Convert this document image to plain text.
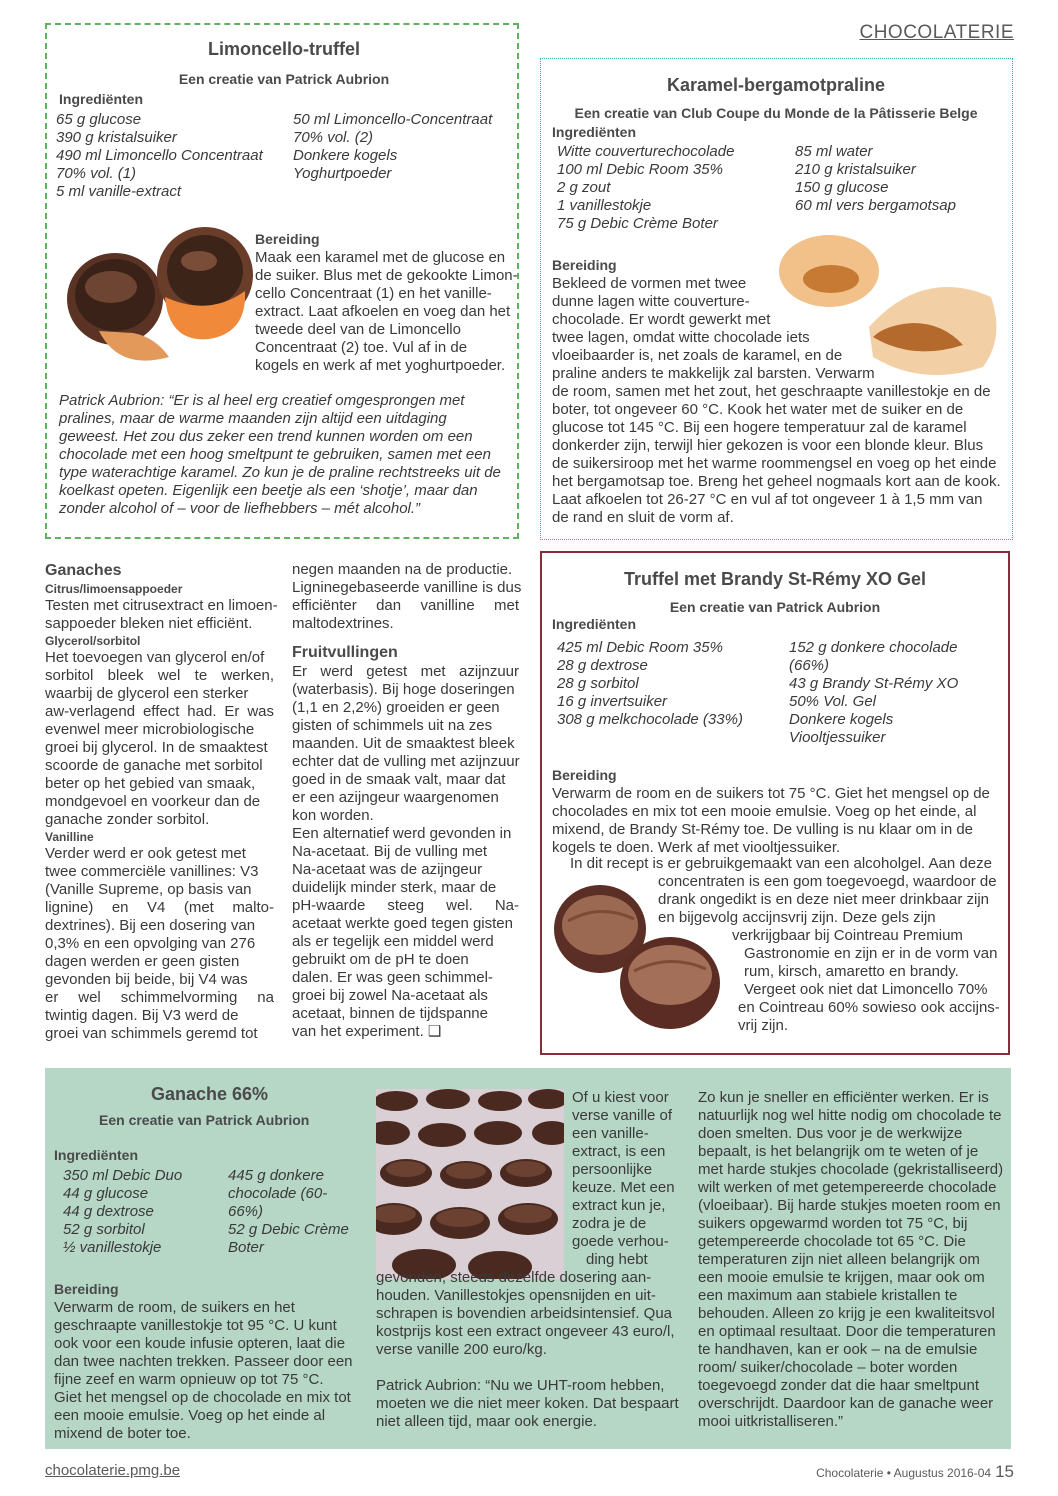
CHOCOLATERIE
Limoncello-truffel
Een creatie van Patrick Aubrion
Ingrediënten
65 g glucose
390 g kristalsuiker
490 ml Limoncello Concentraat
70% vol. (1)
5 ml vanille-extract
50 ml Limoncello-Concentraat
70% vol. (2)
Donkere kogels
Yoghurtpoeder
Bereiding
Maak een karamel met de glucose en
de suiker. Blus met de gekookte Limon-
cello Concentraat (1) en het vanille-
extract. Laat afkoelen en voeg dan het
tweede deel van de Limoncello
Concentraat (2) toe. Vul af in de
kogels en werk af met yoghurtpoeder.
Patrick Aubrion: “Er is al heel erg creatief omgesprongen met
pralines, maar de warme maanden zijn altijd een uitdaging
geweest. Het zou dus zeker een trend kunnen worden om een
chocolade met een hoog smeltpunt te gebruiken, samen met een
type waterachtige karamel. Zo kun je de praline rechtstreeks uit de
koelkast opeten. Eigenlijk een beetje als een ‘shotje’, maar dan
zonder alcohol of – voor de liefhebbers – mét alcohol.”
Karamel-bergamotpraline
Een creatie van Club Coupe du Monde de la Pâtisserie Belge
Ingrediënten
Witte couverturechocolade
100 ml Debic Room 35%
2 g zout
1 vanillestokje
75 g Debic Crème Boter
85 ml water
210 g kristalsuiker
150 g glucose
60 ml vers bergamotsap
Bereiding
Bekleed de vormen met twee
dunne lagen witte couverture-
chocolade. Er wordt gewerkt met
twee lagen, omdat witte chocolade iets
vloeibaarder is, net zoals de karamel, en de
praline anders te makkelijk zal barsten. Verwarm
de room, samen met het zout, het geschraapte vanillestokje en de
boter, tot ongeveer 60 °C. Kook het water met de suiker en de
glucose tot 145 °C. Bij een hogere temperatuur zal de karamel
donkerder zijn, terwijl hier gekozen is voor een blonde kleur. Blus
de suikersiroop met het warme roommengsel en voeg op het einde
het bergamotsap toe. Breng het geheel nogmaals kort aan de kook.
Laat afkoelen tot 26-27 °C en vul af tot ongeveer 1 à 1,5 mm van
de rand en sluit de vorm af.
Truffel met Brandy St-Rémy XO Gel
Een creatie van Patrick Aubrion
Ingrediënten
425 ml Debic Room 35%
28 g dextrose
28 g sorbitol
16 g invertsuiker
308 g melkchocolade (33%)
152 g donkere chocolade
(66%)
43 g Brandy St-Rémy XO
50% Vol. Gel
Donkere kogels
Viooltjessuiker
Bereiding
Verwarm de room en de suikers tot 75 °C. Giet het mengsel op de
chocolades en mix tot een mooie emulsie. Voeg op het einde, al
mixend, de Brandy St-Rémy toe. De vulling is nu klaar om in de
kogels te doen. Werk af met viooltjessuiker.
In dit recept is er gebruikgemaakt van een alcoholgel. Aan deze
concentraten is een gom toegevoegd, waardoor de
drank ongedikt is en deze niet meer drinkbaar zijn
en bijgevolg accijnsvrij zijn. Deze gels zijn
verkrijgbaar bij Cointreau Premium
Gastronomie en zijn er in de vorm van
rum, kirsch, amaretto en brandy.
Vergeet ook niet dat Limoncello 70%
en Cointreau 60% sowieso ook accijns-
vrij zijn.
Ganaches
Citrus/limoensappoeder
Testen met citrusextract en limoen-
sappoeder bleken niet efficiënt.
Glycerol/sorbitol
Het toevoegen van glycerol en/of
sorbitol bleek wel te werken,
waarbij de glycerol een sterker
aw-verlagend effect had. Er was
evenwel meer microbiologische
groei bij glycerol. In de smaaktest
scoorde de ganache met sorbitol
beter op het gebied van smaak,
mondgevoel en voorkeur dan de
ganache zonder sorbitol.
Vanilline
Verder werd er ook getest met
twee commerciële vanillines: V3
(Vanille Supreme, op basis van
lignine) en V4 (met malto-
dextrines). Bij een dosering van
0,3% en een opvolging van 276
dagen werden er geen gisten
gevonden bij beide, bij V4 was
er wel schimmelvorming na
twintig dagen. Bij V3 werd de
groei van schimmels geremd tot
negen maanden na de productie.
Ligninegebaseerde vanilline is dus
efficiënter dan vanilline met
maltodextrines.
Fruitvullingen
Er werd getest met azijnzuur
(waterbasis). Bij hoge doseringen
(1,1 en 2,2%) groeiden er geen
gisten of schimmels uit na zes
maanden. Uit de smaaktest bleek
echter dat de vulling met azijnzuur
goed in de smaak valt, maar dat
er een azijngeur waargenomen
kon worden.
Een alternatief werd gevonden in
Na-acetaat. Bij de vulling met
Na-acetaat was de azijngeur
duidelijk minder sterk, maar de
pH-waarde steeg wel. Na-
acetaat werkte goed tegen gisten
als er tegelijk een middel werd
gebruikt om de pH te doen
dalen. Er was geen schimmel-
groei bij zowel Na-acetaat als
acetaat, binnen de tijdspanne
van het experiment. ❑
Ganache 66%
Een creatie van Patrick Aubrion
Ingrediënten
350 ml Debic Duo
44 g glucose
44 g dextrose
52 g sorbitol
½ vanillestokje
445 g donkere
chocolade (60-
66%)
52 g Debic Crème
Boter
Bereiding
Verwarm de room, de suikers en het
geschraapte vanillestokje tot 95 °C. U kunt
ook voor een koude infusie opteren, laat die
dan twee nachten trekken. Passeer door een
fijne zeef en warm opnieuw op tot 75 °C.
Giet het mengsel op de chocolade en mix tot
een mooie emulsie. Voeg op het einde al
mixend de boter toe.
Of u kiest voor
verse vanille of
een vanille-
extract, is een
persoonlijke
keuze. Met een
extract kun je,
zodra je de
goede verhou-
ding hebt
gevonden, steeds dezelfde dosering aan-
houden. Vanillestokjes opensnijden en uit-
schrapen is bovendien arbeidsintensief. Qua
kostprijs kost een extract ongeveer 43 euro/l,
verse vanille 200 euro/kg.
Patrick Aubrion: “Nu we UHT-room hebben,
moeten we die niet meer koken. Dat bespaart
niet alleen tijd, maar ook energie.
Zo kun je sneller en efficiënter werken. Er is
natuurlijk nog wel hitte nodig om chocolade te
doen smelten. Dus voor je de werkwijze
bepaalt, is het belangrijk om te weten of je
met harde stukjes chocolade (gekristalliseerd)
wilt werken of met getempereerde chocolade
(vloeibaar). Bij harde stukjes moeten room en
suikers opgewarmd worden tot 75 °C, bij
getempereerde chocolade tot 65 °C. Die
temperaturen zijn niet alleen belangrijk om
een mooie emulsie te krijgen, maar ook om
een maximum aan stabiele kristallen te
behouden. Alleen zo krijg je een kwaliteitsvol
en optimaal resultaat. Door die temperaturen
te handhaven, kan er ook – na de emulsie
room/ suiker/chocolade – boter worden
toegevoegd zonder dat die haar smeltpunt
overschrijdt. Daardoor kan de ganache weer
mooi uitkristalliseren.”
chocolaterie.pmg.be	Chocolaterie • Augustus 2016-04 15
